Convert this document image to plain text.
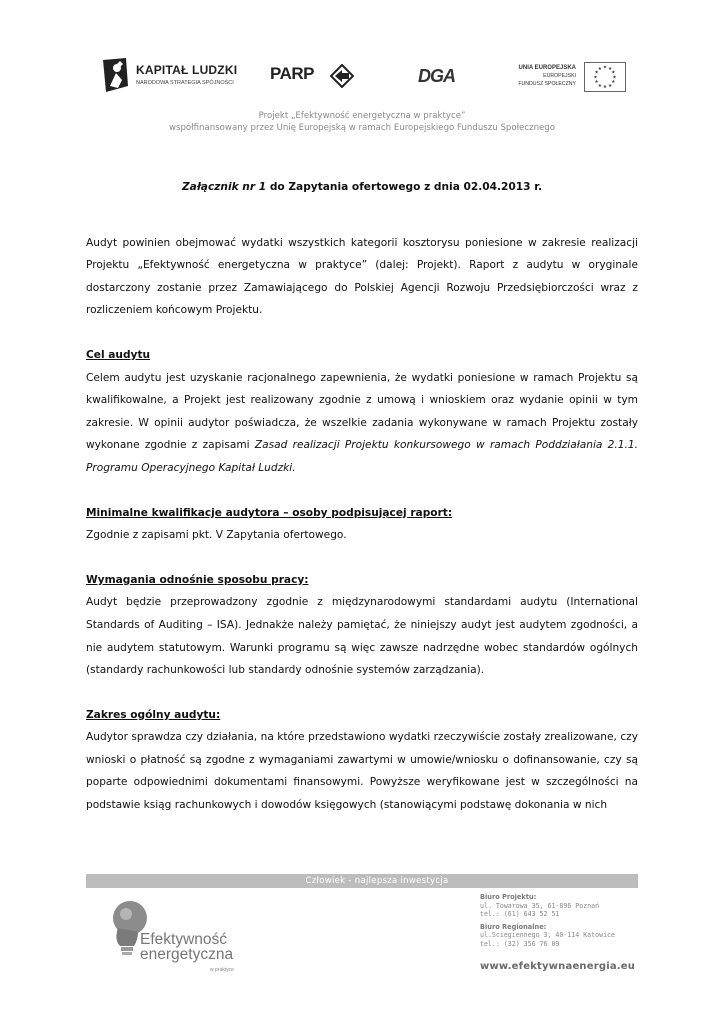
KAPITAŁ LUDZKI
NARODOWA STRATEGIA SPÓJNOŚCI PARP	DGA	UNIA EUROPEJSKA
EUROPEJSKI
FUNDUSZ SPOŁECZNY
★ ★
★
★
★
★
★
★
★
★
★
★
Projekt „Efektywność energetyczna w praktyce”
współfinansowany przez Unię Europejską w ramach Europejskiego Funduszu Społecznego

Załącznik nr 1 do Zapytania ofertowego z dnia 02.04.2013 r.

Audyt powinien obejmować wydatki wszystkich kategorii kosztorysu poniesione w zakresie realizacji Projektu „Efektywność energetyczna w praktyce” (dalej: Projekt). Raport z audytu w oryginale dostarczony zostanie przez Zamawiającego do Polskiej Agencji Rozwoju Przedsiębiorczości wraz z rozliczeniem końcowym Projektu.

Cel audytu

Celem audytu jest uzyskanie racjonalnego zapewnienia, że wydatki poniesione w ramach Projektu są kwalifikowalne, a Projekt jest realizowany zgodnie z umową i wnioskiem oraz wydanie opinii w tym zakresie. W opinii audytor poświadcza, że wszelkie zadania wykonywane w ramach Projektu zostały wykonane zgodnie z zapisami Zasad realizacji Projektu konkursowego w ramach Poddziałania 2.1.1. Programu Operacyjnego Kapitał Ludzki.

Minimalne kwalifikacje audytora – osoby podpisującej raport:

Zgodnie z zapisami pkt. V Zapytania ofertowego.

Wymagania odnośnie sposobu pracy:

Audyt będzie przeprowadzony zgodnie z międzynarodowymi standardami audytu (International Standards of Auditing – ISA). Jednakże należy pamiętać, że niniejszy audyt jest audytem zgodności, a nie audytem statutowym. Warunki programu są więc zawsze nadrzędne wobec standardów ogólnych (standardy rachunkowości lub standardy odnośnie systemów zarządzania).

Zakres ogólny audytu:

Audytor sprawdza czy działania, na które przedstawiono wydatki rzeczywiście zostały zrealizowane, czy wnioski o płatność są zgodne z wymaganiami zawartymi w umowie/wniosku o dofinansowanie, czy są poparte odpowiednimi dokumentami finansowymi. Powyższe weryfikowane jest w szczególności na podstawie ksiąg rachunkowych i dowodów księgowych (stanowiącymi podstawę dokonania w nich

Człowiek - najlepsza inwestycja
Efektywność
energetyczna
w praktyce
Biuro Projektu:
ul. Towarowa 35, 61-896 Poznań
tel.: (61) 643 52 51
Biuro Regionalne:
ul.Sciegiennego 3, 40-114 Katowice
tel.: (32) 356 76 09
www.efektywnaenergia.eu
